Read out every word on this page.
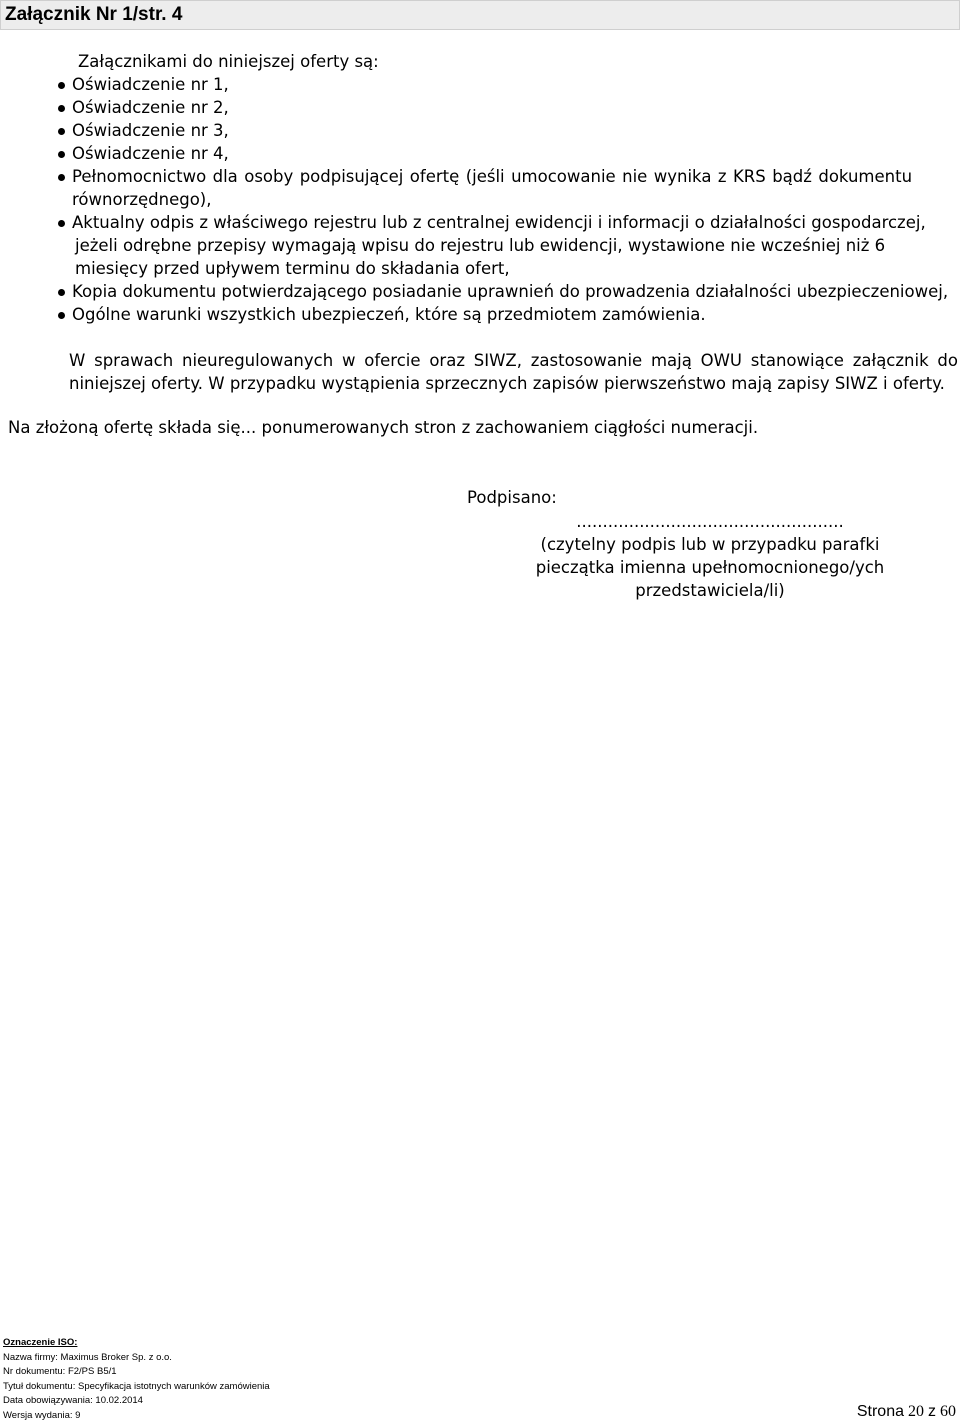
Załącznik Nr 1/str. 4
Załącznikami do niniejszej oferty są:
Oświadczenie nr 1,
Oświadczenie nr 2,
Oświadczenie nr 3,
Oświadczenie nr 4,
Pełnomocnictwo dla osoby podpisującej ofertę (jeśli umocowanie nie wynika z KRS bądź dokumentu
równorzędnego),
Aktualny odpis z właściwego rejestru lub z centralnej ewidencji i informacji o działalności gospodarczej,
jeżeli odrębne przepisy wymagają wpisu do rejestru lub ewidencji, wystawione nie wcześniej niż 6
miesięcy przed upływem terminu do składania ofert,
Kopia dokumentu potwierdzającego posiadanie uprawnień do prowadzenia działalności ubezpieczeniowej,
Ogólne warunki wszystkich ubezpieczeń, które są przedmiotem zamówienia.
W sprawach nieuregulowanych w ofercie oraz SIWZ, zastosowanie mają OWU stanowiące załącznik do
niniejszej oferty. W przypadku wystąpienia sprzecznych zapisów pierwszeństwo mają zapisy SIWZ i oferty.
Na złożoną ofertę składa się... ponumerowanych stron z zachowaniem ciągłości numeracji.
Podpisano:
...................................................
(czytelny podpis lub w przypadku parafki
pieczątka imienna upełnomocnionego/ych
przedstawiciela/li)
Oznaczenie ISO:
Nazwa firmy: Maximus Broker Sp. z o.o.
Nr dokumentu: F2/PS B5/1
Tytuł dokumentu: Specyfikacja istotnych warunków zamówienia
Data obowiązywania: 10.02.2014
Wersja wydania: 9	Strona 20 z 60
